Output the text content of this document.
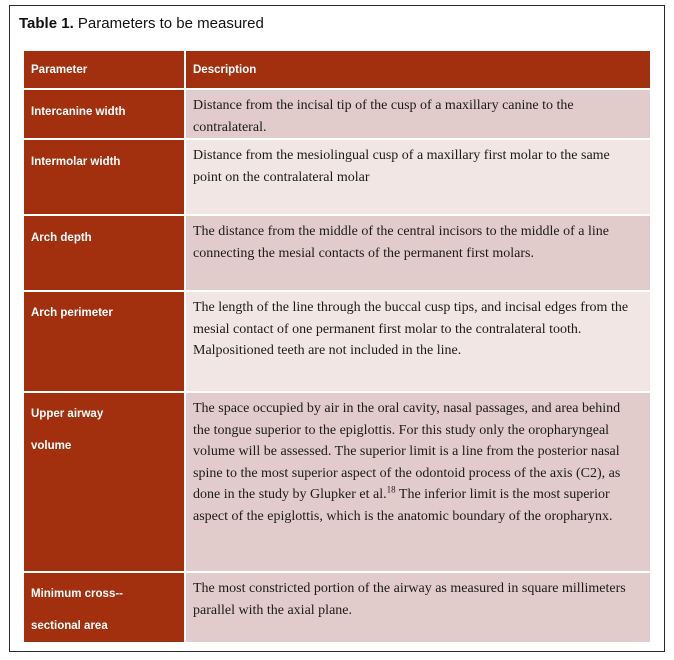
Table 1. Parameters to be measured
Parameter	Description

Intercanine width	Distance from the incisal tip of the cusp of a maxillary canine to the contralateral.

Intermolar width	Distance from the mesiolingual cusp of a maxillary first molar to the same point on the contralateral molar

Arch depth	The distance from the middle of the central incisors to the middle of a line connecting the mesial contacts of the permanent first molars.

Arch perimeter	The length of the line through the buccal cusp tips, and incisal edges from the mesial contact of one permanent first molar to the contralateral tooth. Malpositioned teeth are not included in the line.

Upper airway
volume	The space occupied by air in the oral cavity, nasal passages, and area behind the tongue superior to the epiglottis. For this study only the oropharyngeal volume will be assessed. The superior limit is a line from the posterior nasal spine to the most superior aspect of the odontoid process of the axis (C2), as done in the study by Glupker et al.$^{18}$ The inferior limit is the most superior aspect of the epiglottis, which is the anatomic boundary of the oropharynx.

Minimum cross--
sectional area	The most constricted portion of the airway as measured in square millimeters parallel with the axial plane.
